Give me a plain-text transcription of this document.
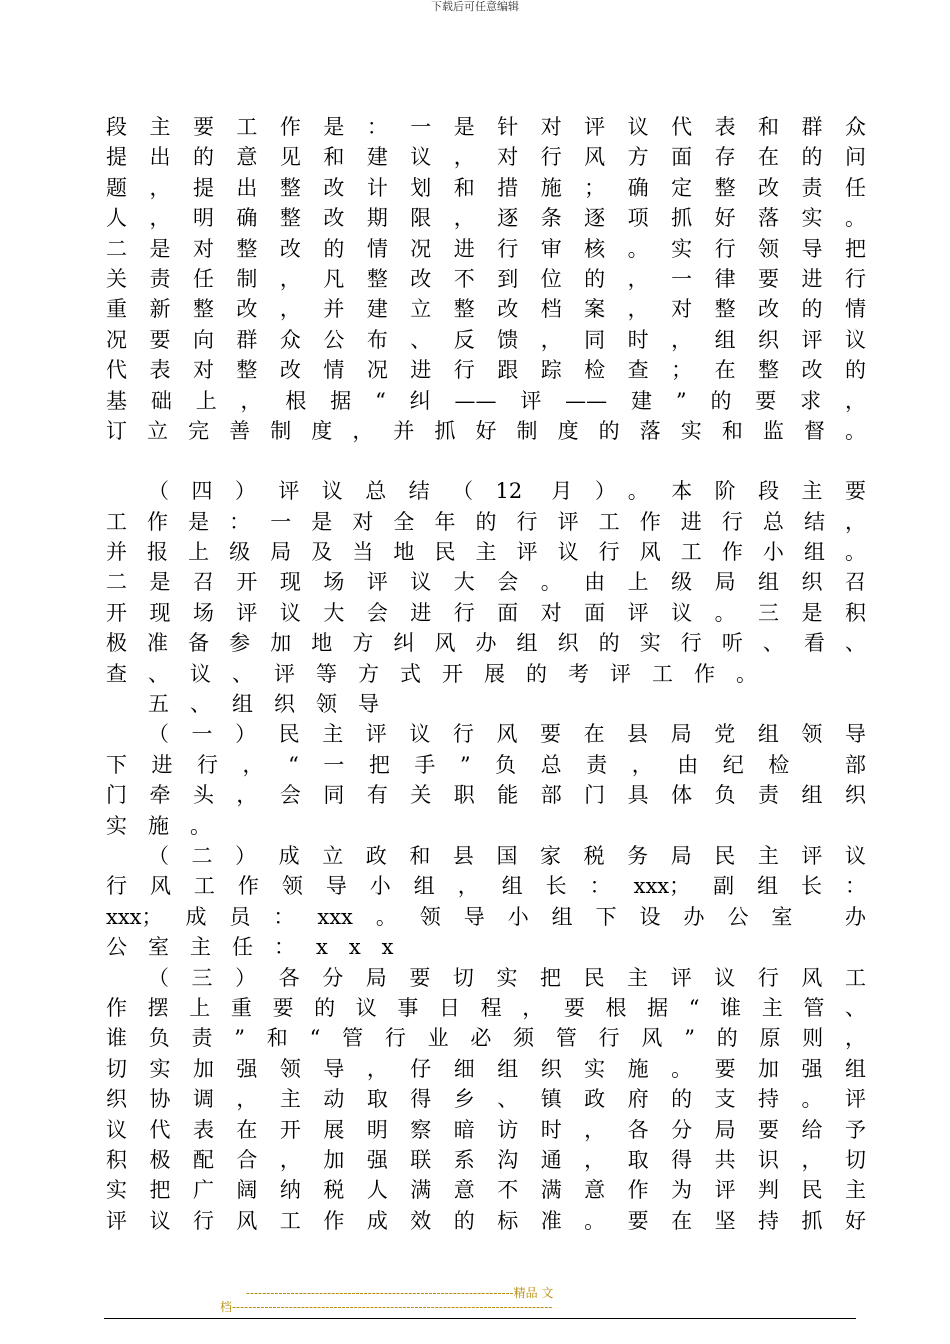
下载后可任意编辑
段主要工作是：一是针对评议代表和群众
提出的意见和建议，对行风方面存在的问
题，提出整改计划和措施；确定整改责任
人，明确整改期限，逐条逐项抓好落实。
二是对整改的情况进行审核。实行领导把
关责任制，凡整改不到位的，一律要进行
重新整改，并建立整改档案，对整改的情
况要向群众公布、反馈，同时，组织评议
代表对整改情况进行跟踪检查；在整改的
基础上，根据“纠——评——建”的要求，
订立完善制度，并抓好制度的落实和监督。
（四）评议总结（12 月）。本阶段主要
工作是：一是对全年的行评工作进行总结，
并报上级局及当地民主评议行风工作小组。
二是召开现场评议大会。由上级局组织召
开现场评议大会进行面对面评议。三是积
极准备参加地方纠风办组织的实行听、看、
查、议、评等方式开展的考评工作。
五、组织领导
（一）民主评议行风要在县局党组领导
下进行，“一把手”负总责，由纪检 部
门牵头，会同有关职能部门具体负责组织
实施。
（二）成立政和县国家税务局民主评议
行风工作领导小组，组长：xxx；副组长：
xxx；成员：xxx。领导小组下设办公室 办
公室主任：xxx
（三）各分局要切实把民主评议行风工
作摆上重要的议事日程，要根据“谁主管、
谁负责”和“管行业必须管行风”的原则，
切实加强领导，仔细组织实施。要加强组
织协调，主动取得乡、镇政府的支持。评
议代表在开展明察暗访时，各分局要给予
积极配合，加强联系沟通，取得共识，切
实把广阔纳税人满意不满意作为评判民主
评议行风工作成效的标准。要在坚持抓好
------------------------------------------------------------------精品 文
档-------------------------------------------------------------------------------
